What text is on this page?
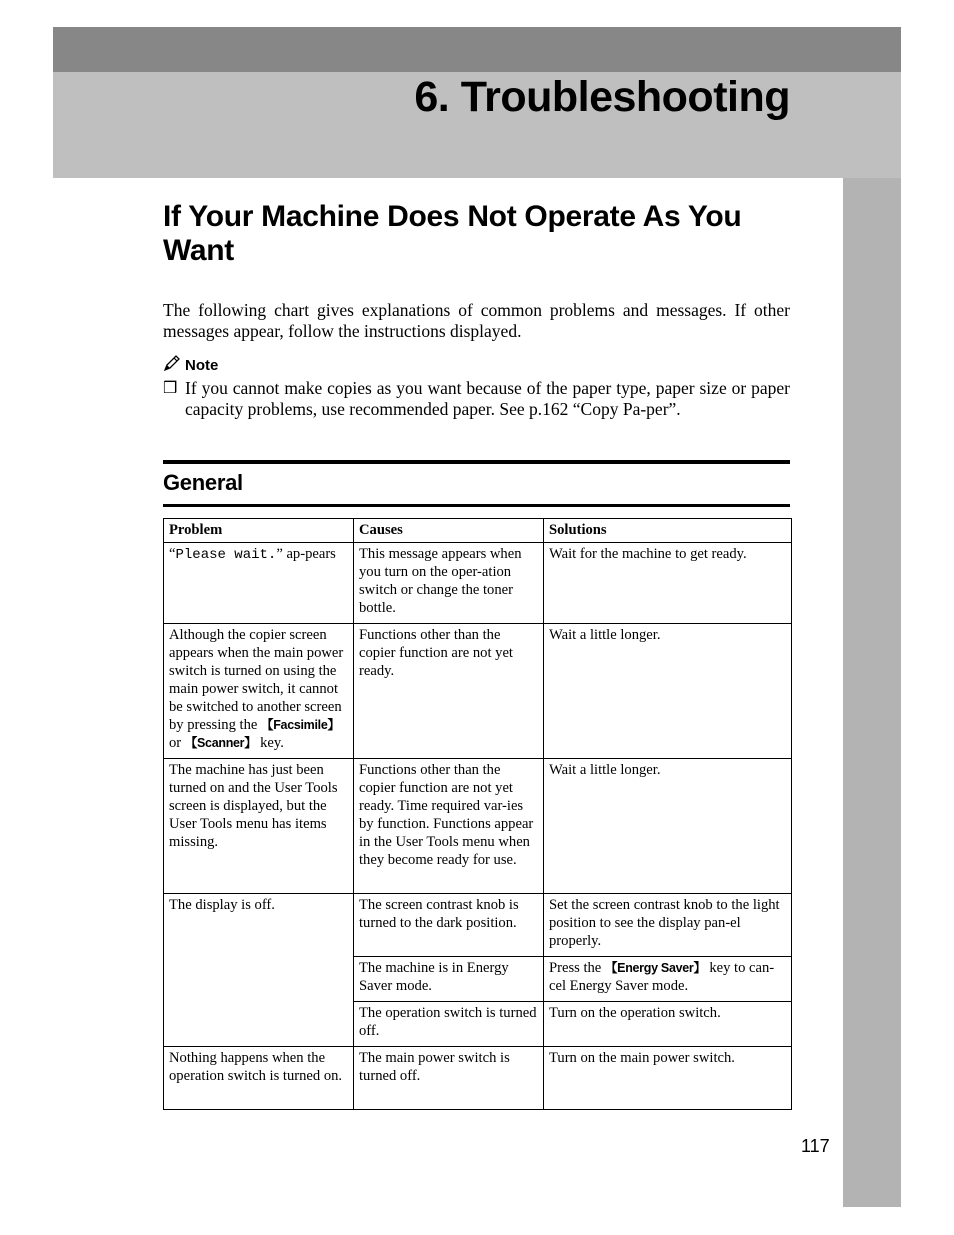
6. Troubleshooting
If Your Machine Does Not Operate As You Want

The following chart gives explanations of common problems and messages. If other messages appear, follow the instructions displayed.

Note
❒ If you cannot make copies as you want because of the paper type, paper size or paper capacity problems, use recommended paper. See p.162 “Copy Pa-per”.
General
Problem	Causes	Solutions
“Please wait.” ap-pears	This message appears when you turn on the oper-ation switch or change the toner bottle.	Wait for the machine to get ready.
Although the copier screen appears when the main power switch is turned on using the main power switch, it cannot be switched to another screen by pressing the 【Facsimile】 or 【Scanner】 key.	Functions other than the copier function are not yet ready.	Wait a little longer.
The machine has just been turned on and the User Tools screen is displayed, but the User Tools menu has items missing.	Functions other than the copier function are not yet ready. Time required var-ies by function. Functions appear in the User Tools menu when they become ready for use.	Wait a little longer.
The display is off.	The screen contrast knob is turned to the dark position.	Set the screen contrast knob to the light position to see the display pan-el properly.
	The machine is in Energy Saver mode.	Press the 【Energy Saver】 key to can-cel Energy Saver mode.
	The operation switch is turned off.	Turn on the operation switch.
Nothing happens when the operation switch is turned on.	The main power switch is turned off.	Turn on the main power switch.
117
